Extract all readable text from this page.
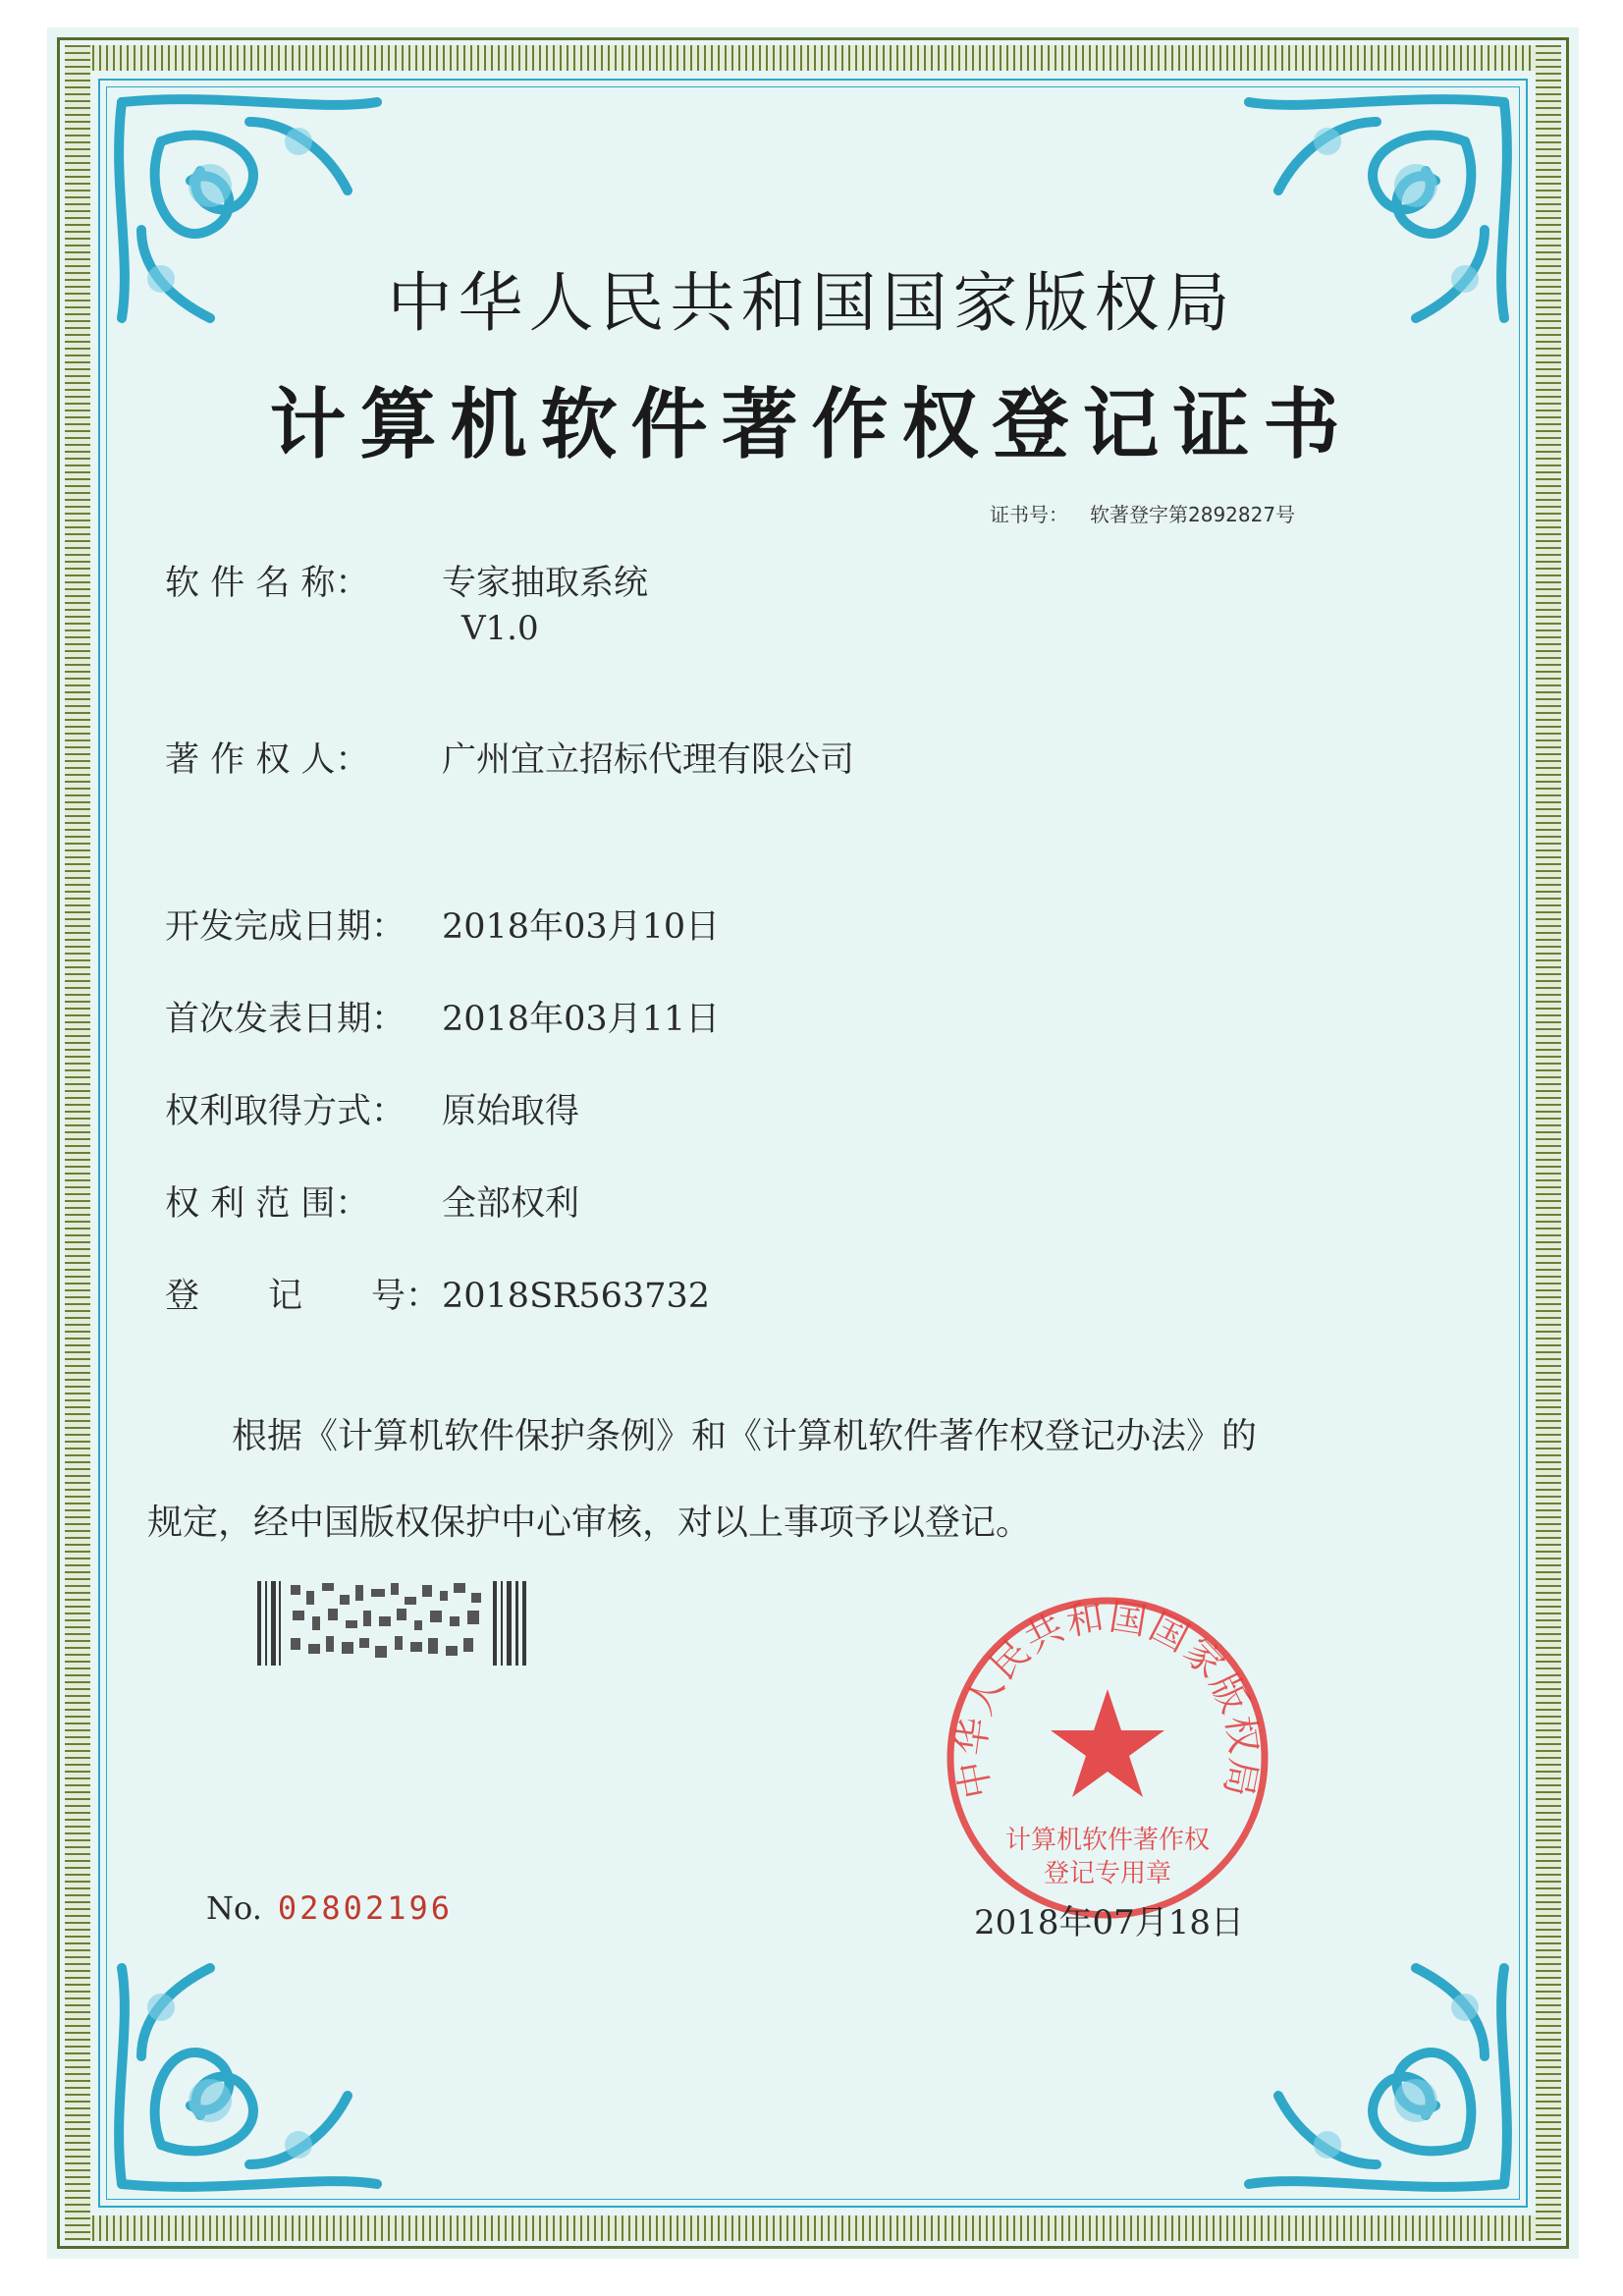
中华人民共和国国家版权局
计算机软件著作权登记证书
证书号： 软著登字第2892827号
软 件 名 称： 专家抽取系统
V1.0
著 作 权 人： 广州宜立招标代理有限公司
开发完成日期： 2018年03月10日
首次发表日期： 2018年03月11日
权利取得方式： 原始取得
权 利 范 围： 全部权利
登　　记　　号：2018SR563732
根据《计算机软件保护条例》和《计算机软件著作权登记办法》的
规定，经中国版权保护中心审核，对以上事项予以登记。
中华人民共和国国家版权局
计算机软件著作权
登记专用章
No. 02802196	2018年07月18日
